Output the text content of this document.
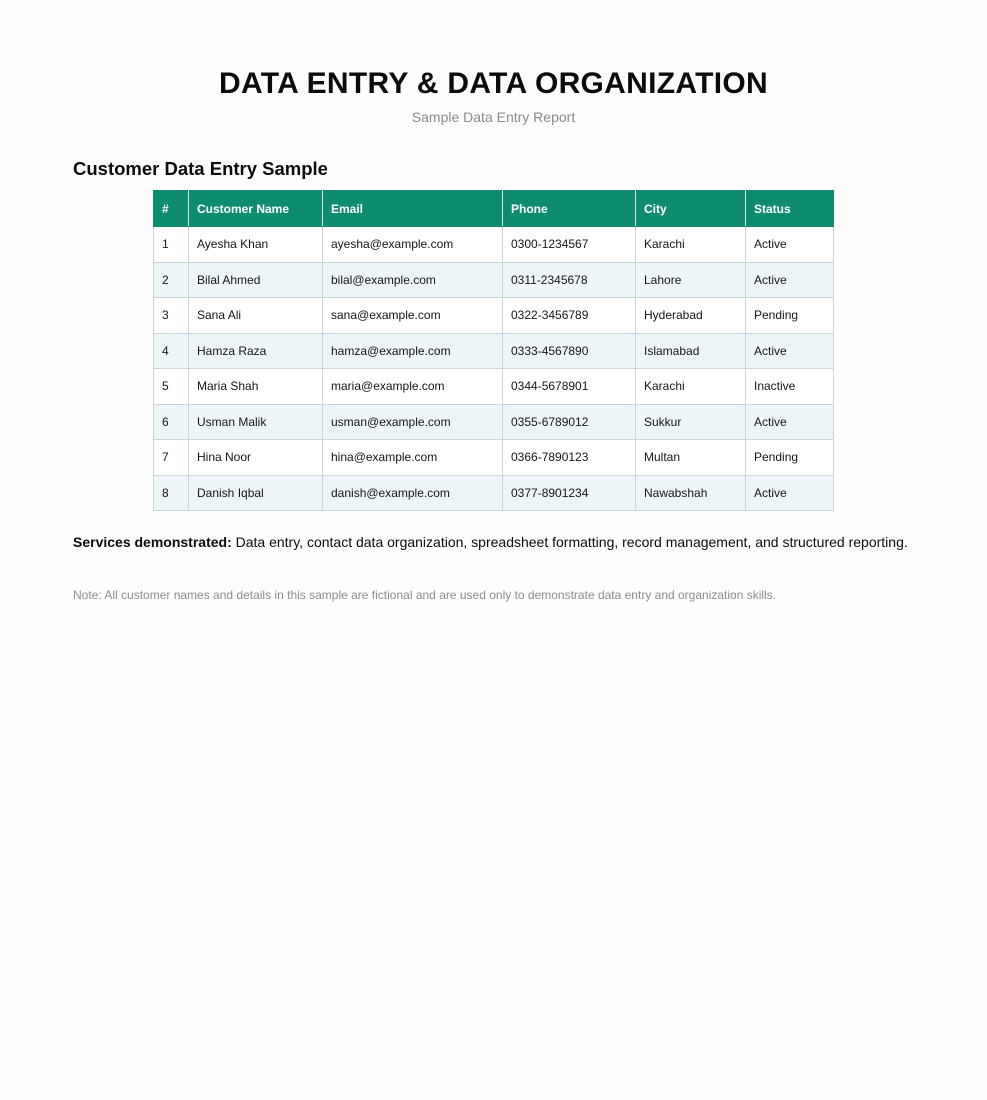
DATA ENTRY & DATA ORGANIZATION
Sample Data Entry Report
Customer Data Entry Sample
#	Customer Name	Email	Phone	City	Status
1	Ayesha Khan	ayesha@example.com	0300-1234567	Karachi	Active
2	Bilal Ahmed	bilal@example.com	0311-2345678	Lahore	Active
3	Sana Ali	sana@example.com	0322-3456789	Hyderabad	Pending
4	Hamza Raza	hamza@example.com	0333-4567890	Islamabad	Active
5	Maria Shah	maria@example.com	0344-5678901	Karachi	Inactive
6	Usman Malik	usman@example.com	0355-6789012	Sukkur	Active
7	Hina Noor	hina@example.com	0366-7890123	Multan	Pending
8	Danish Iqbal	danish@example.com	0377-8901234	Nawabshah	Active
Services demonstrated: Data entry, contact data organization, spreadsheet formatting, record management, and structured reporting.
Note: All customer names and details in this sample are fictional and are used only to demonstrate data entry and organization skills.
